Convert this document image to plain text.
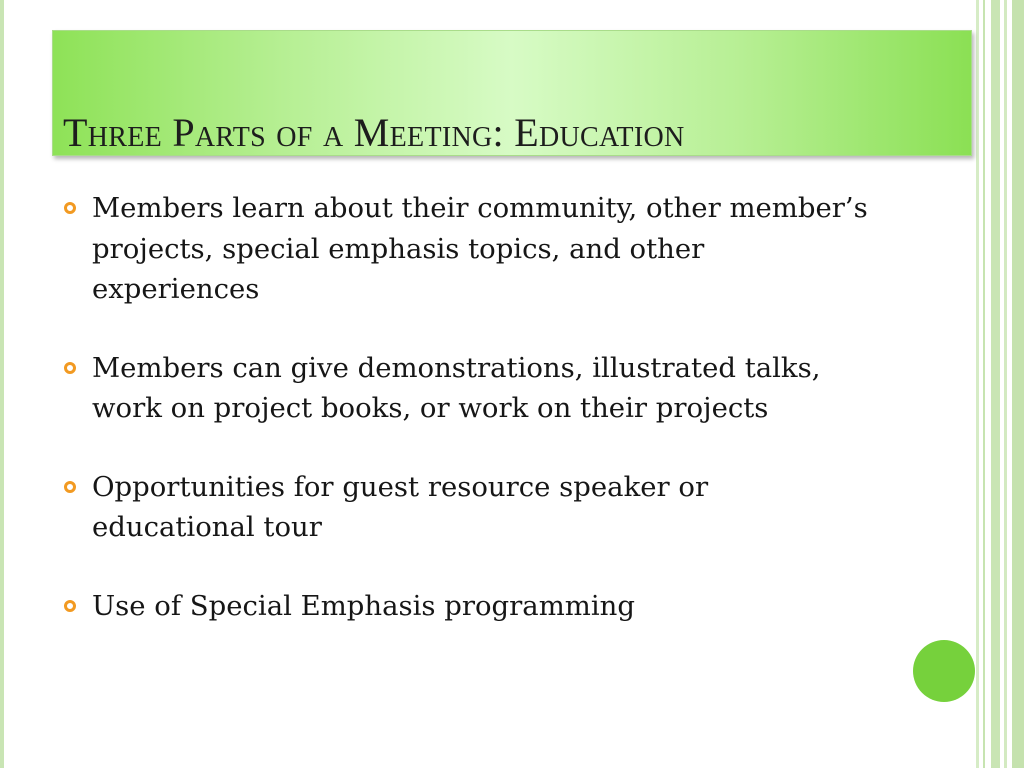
Three Parts of a Meeting: Education
Members learn about their community, other member’s projects, special emphasis topics, and other experiences
Members can give demonstrations, illustrated talks, work on project books, or work on their projects
Opportunities for guest resource speaker or educational tour
Use of Special Emphasis programming
